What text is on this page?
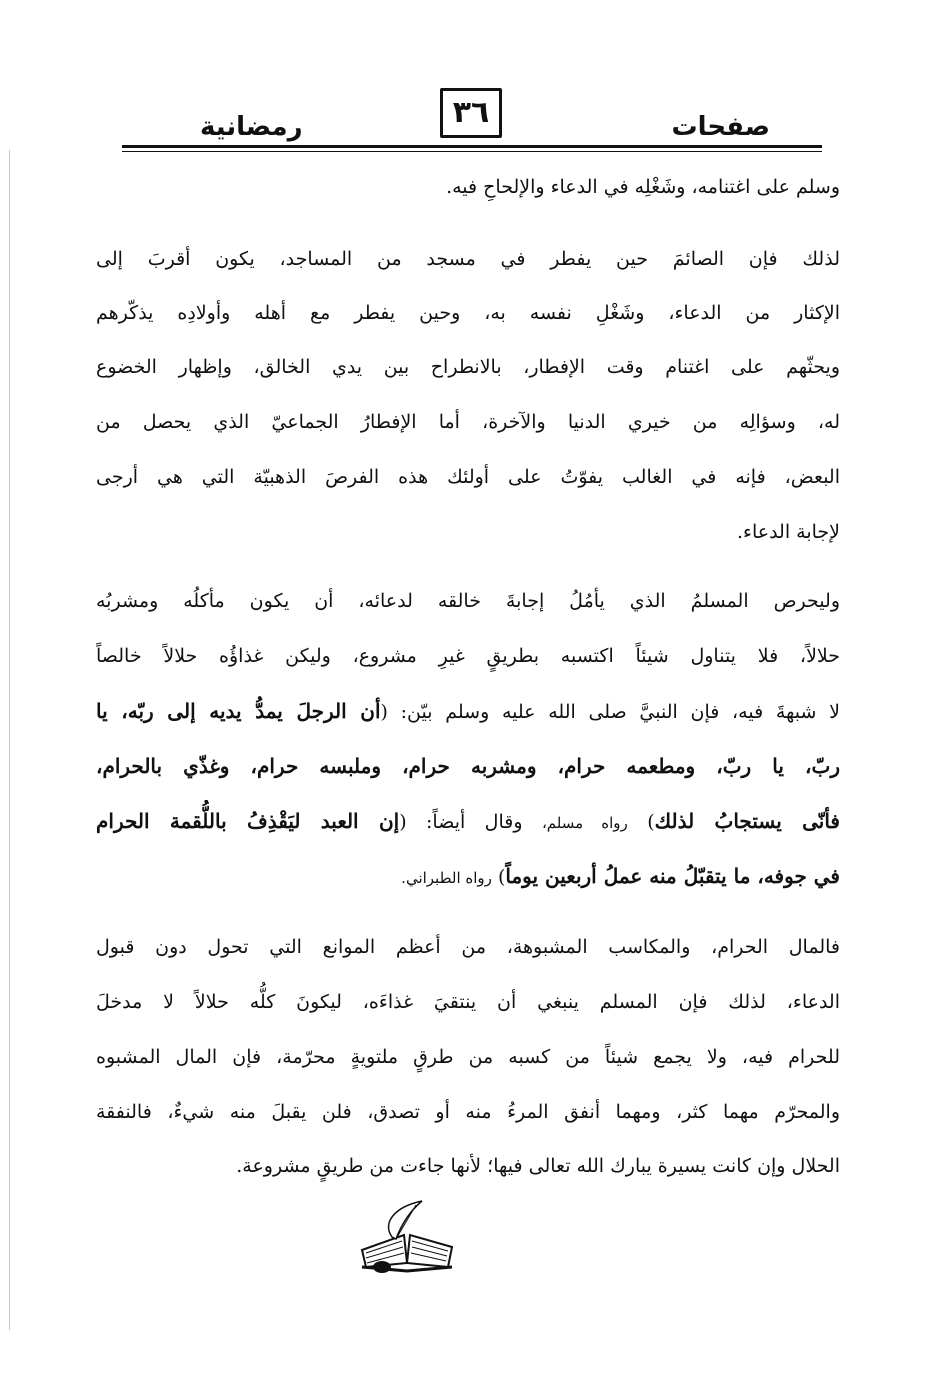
رمضانية	٣٦	صفحات
وسلم على اغتنامه، وشَغْلِه في الدعاء والإلحاحِ فيه.
لذلك فإن الصائمَ حين يفطر في مسجد من المساجد، يكون أقربَ إلى
الإكثار من الدعاء، وشَغْلِ نفسه به، وحين يفطر مع أهله وأولادِه يذكّرهم
ويحثّهم على اغتنام وقت الإفطار، بالانطراح بين يدي الخالق، وإظهار الخضوع
له، وسؤالِه من خيري الدنيا والآخرة، أما الإفطارُ الجماعيّ الذي يحصل من
البعض، فإنه في الغالب يفوّتُ على أولئك هذه الفرصَ الذهبيّة التي هي أرجى
لإجابة الدعاء.
وليحرص المسلمُ الذي يأمُلُ إجابةَ خالقه لدعائه، أن يكون مأكلُه ومشربُه
حلالاً، فلا يتناول شيئاً اكتسبه بطريقٍ غيرِ مشروع، وليكن غذاؤُه حلالاً خالصاً
لا شبهةَ فيه، فإن النبيَّ صلى الله عليه وسلم بيّن: (أن الرجلَ يمدُّ يديه إلى ربّه، يا
ربّ، يا ربّ، ومطعمه حرام، ومشربه حرام، وملبسه حرام، وغذّي بالحرام،
فأنّى يستجابُ لذلك) رواه مسلم، وقال أيضاً: (إن العبد ليَقْذِفُ باللُّقمة الحرام
في جوفه، ما يتقبّلُ منه عملُ أربعين يوماً) رواه الطبراني.
فالمال الحرام، والمكاسب المشبوهة، من أعظم الموانع التي تحول دون قبول
الدعاء، لذلك فإن المسلم ينبغي أن ينتقيَ غذاءَه، ليكونَ كلُّه حلالاً لا مدخلَ
للحرام فيه، ولا يجمع شيئاً من كسبه من طرقٍ ملتويةٍ محرّمة، فإن المال المشبوه
والمحرّم مهما كثر، ومهما أنفق المرءُ منه أو تصدق، فلن يقبلَ منه شيءٌ، فالنفقة
الحلال وإن كانت يسيرة يبارك الله تعالى فيها؛ لأنها جاءت من طريقٍ مشروعة.
